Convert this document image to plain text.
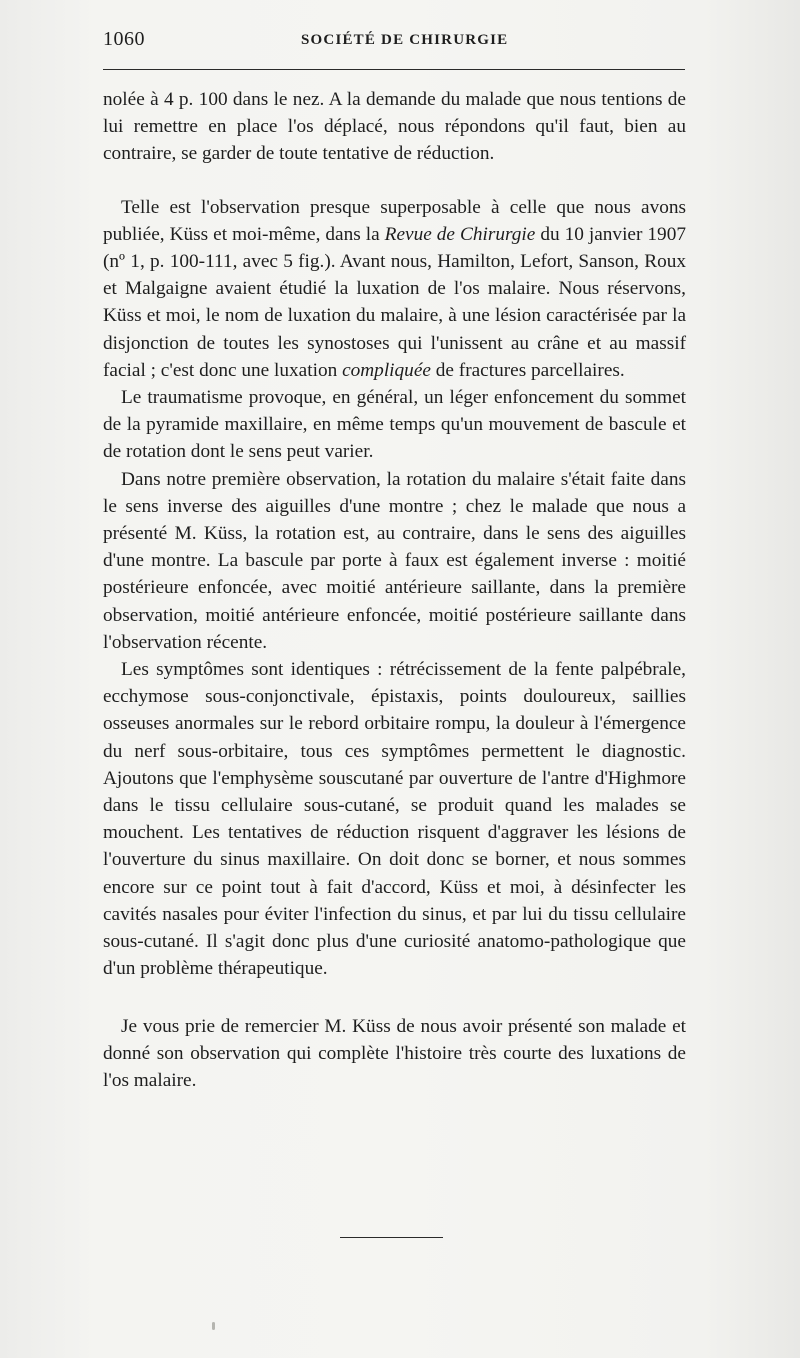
1060	SOCIÉTÉ DE CHIRURGIE

nolée à 4 p. 100 dans le nez. A la demande du malade que nous tentions de lui remettre en place l'os déplacé, nous répondons qu'il faut, bien au contraire, se garder de toute tentative de réduction.

Telle est l'observation presque superposable à celle que nous avons publiée, Küss et moi-même, dans la Revue de Chirurgie du 10 janvier 1907 (nº 1, p. 100-111, avec 5 fig.). Avant nous, Hamilton, Lefort, Sanson, Roux et Malgaigne avaient étudié la luxation de l'os malaire. Nous réservons, Küss et moi, le nom de luxation du malaire, à une lésion caractérisée par la disjonction de toutes les synostoses qui l'unissent au crâne et au massif facial ; c'est donc une luxation compliquée de fractures parcellaires.

Le traumatisme provoque, en général, un léger enfoncement du sommet de la pyramide maxillaire, en même temps qu'un mouvement de bascule et de rotation dont le sens peut varier.

Dans notre première observation, la rotation du malaire s'était faite dans le sens inverse des aiguilles d'une montre ; chez le malade que nous a présenté M. Küss, la rotation est, au contraire, dans le sens des aiguilles d'une montre. La bascule par porte à faux est également inverse : moitié postérieure enfoncée, avec moitié antérieure saillante, dans la première observation, moitié antérieure enfoncée, moitié postérieure saillante dans l'observation récente.

Les symptômes sont identiques : rétrécissement de la fente palpébrale, ecchymose sous-conjonctivale, épistaxis, points douloureux, saillies osseuses anormales sur le rebord orbitaire rompu, la douleur à l'émergence du nerf sous-orbitaire, tous ces symptômes permettent le diagnostic. Ajoutons que l'emphysème souscutané par ouverture de l'antre d'Highmore dans le tissu cellulaire sous-cutané, se produit quand les malades se mouchent. Les tentatives de réduction risquent d'aggraver les lésions de l'ouverture du sinus maxillaire. On doit donc se borner, et nous sommes encore sur ce point tout à fait d'accord, Küss et moi, à désinfecter les cavités nasales pour éviter l'infection du sinus, et par lui du tissu cellulaire sous-cutané. Il s'agit donc plus d'une curiosité anatomo-pathologique que d'un problème thérapeutique.

Je vous prie de remercier M. Küss de nous avoir présenté son malade et donné son observation qui complète l'histoire très courte des luxations de l'os malaire.
